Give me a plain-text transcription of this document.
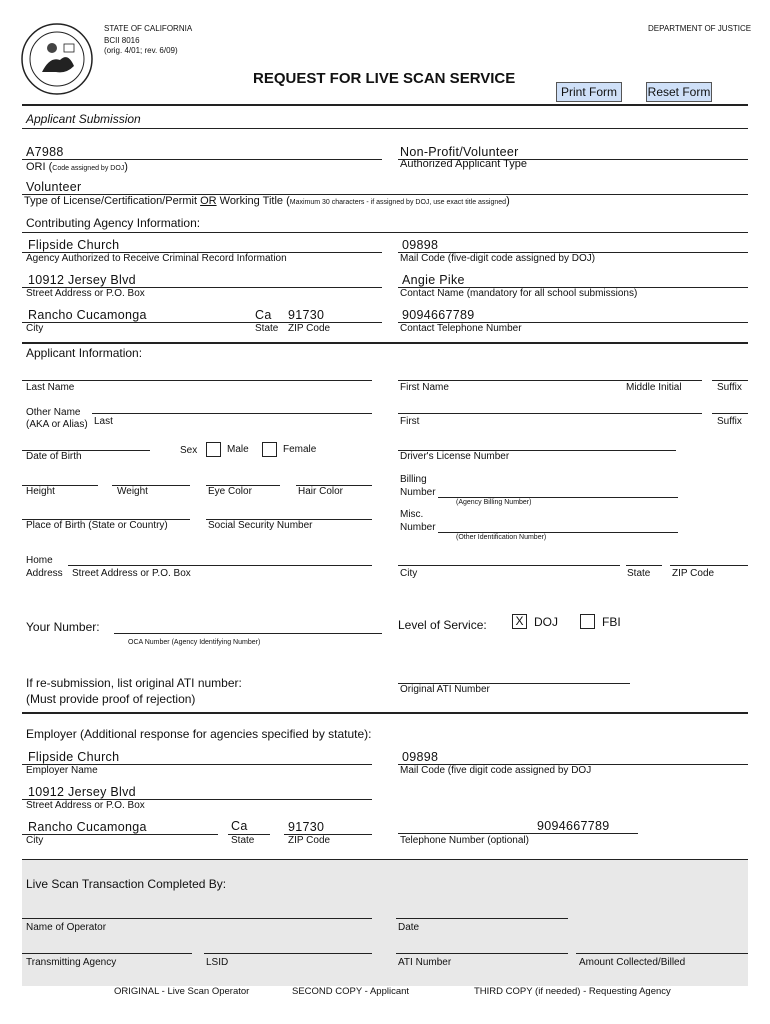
STATE OF CALIFORNIA
BCII 8016
(orig. 4/01; rev. 6/09)
DEPARTMENT OF JUSTICE
REQUEST FOR LIVE SCAN SERVICE
Print Form	Reset Form
Applicant Submission
A7988
ORI (Code assigned by DOJ)
Non-Profit/Volunteer
Authorized Applicant Type
Volunteer
Type of License/Certification/Permit OR Working Title (Maximum 30 characters - if assigned by DOJ, use exact title assigned)
Contributing Agency Information:
Flipside Church
Agency Authorized to Receive Criminal Record Information
09898
Mail Code (five-digit code assigned by DOJ)
10912 Jersey Blvd
Street Address or P.O. Box
Angie Pike
Contact Name (mandatory for all school submissions)
Rancho Cucamonga	Ca 91730
City	State ZIP Code
9094667789
Contact Telephone Number
Applicant Information:
Last Name	First Name	Middle Initial	Suffix
Other Name
(AKA or Alias) Last	First	Suffix
Date of Birth
Sex	Male	Female
Driver's License Number
Height	Weight	Eye Color	Hair Color
Billing
Number
(Agency Billing Number)
Place of Birth (State or Country)	Social Security Number
Misc.
Number
(Other Identification Number)
Home
Address Street Address or P.O. Box	City	State ZIP Code
Your Number:
OCA Number (Agency Identifying Number)
Level of Service: X DOJ	FBI
If re-submission, list original ATI number:
(Must provide proof of rejection)
Original ATI Number
Employer (Additional response for agencies specified by statute):
Flipside Church
Employer Name
09898
Mail Code (five digit code assigned by DOJ
10912 Jersey Blvd
Street Address or P.O. Box
Rancho Cucamonga	Ca	91730
City	State	ZIP Code
9094667789
Telephone Number (optional)
Live Scan Transaction Completed By:
Name of Operator	Date
Transmitting Agency	LSID	ATI Number	Amount Collected/Billed
ORIGINAL - Live Scan Operator	SECOND COPY - Applicant	THIRD COPY (if needed) - Requesting Agency
